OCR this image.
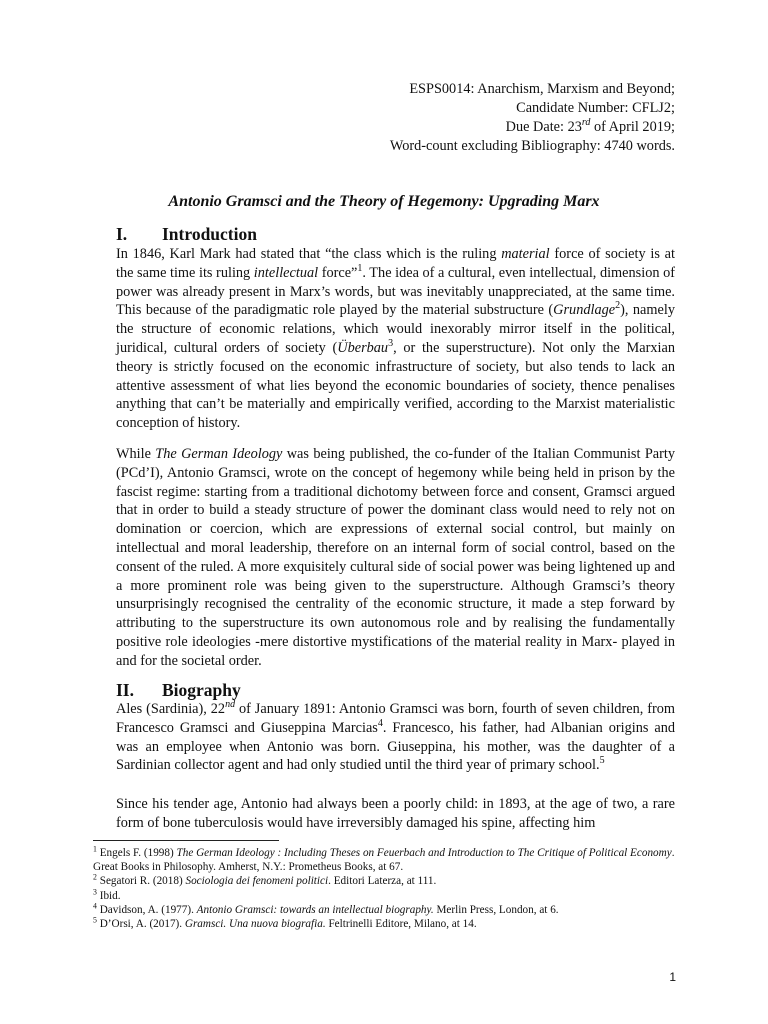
ESPS0014: Anarchism, Marxism and Beyond;
Candidate Number: CFLJ2;
Due Date: 23rd of April 2019;
Word-count excluding Bibliography: 4740 words.
Antonio Gramsci and the Theory of Hegemony: Upgrading Marx
I. Introduction

In 1846, Karl Mark had stated that “the class which is the ruling material force of society is at the same time its ruling intellectual force”$^1$. The idea of a cultural, even intellectual, dimension of power was already present in Marx’s words, but was inevitably unappreciated, at the same time. This because of the paradigmatic role played by the material substructure (Grundlage$^2$), namely the structure of economic relations, which would inexorably mirror itself in the political, juridical, cultural orders of society (Überbau$^3$, or the superstructure). Not only the Marxian theory is strictly focused on the economic infrastructure of society, but also tends to lack an attentive assessment of what lies beyond the economic boundaries of society, thence penalises anything that can’t be materially and empirically verified, according to the Marxist materialistic conception of history.

While The German Ideology was being published, the co-funder of the Italian Communist Party (PCd’I), Antonio Gramsci, wrote on the concept of hegemony while being held in prison by the fascist regime: starting from a traditional dichotomy between force and consent, Gramsci argued that in order to build a steady structure of power the dominant class would need to rely not on domination or coercion, which are expressions of external social control, but mainly on intellectual and moral leadership, therefore on an internal form of social control, based on the consent of the ruled. A more exquisitely cultural side of social power was being lightened up and a more prominent role was being given to the superstructure. Although Gramsci’s theory unsurprisingly recognised the centrality of the economic structure, it made a step forward by attributing to the superstructure its own autonomous role and by realising the fundamentally positive role ideologies -mere distortive mystifications of the material reality in Marx- played in and for the societal order.

II. Biography

Ales (Sardinia), 22nd of January 1891: Antonio Gramsci was born, fourth of seven children, from Francesco Gramsci and Giuseppina Marcias$^4$. Francesco, his father, had Albanian origins and was an employee when Antonio was born. Giuseppina, his mother, was the daughter of a Sardinian collector agent and had only studied until the third year of primary school.$^5$

Since his tender age, Antonio had always been a poorly child: in 1893, at the age of two, a rare form of bone tuberculosis would have irreversibly damaged his spine, affecting him

$^1$ Engels F. (1998) The German Ideology : Including Theses on Feuerbach and Introduction to The Critique of Political Economy. Great Books in Philosophy. Amherst, N.Y.: Prometheus Books, at 67.

$^2$ Segatori R. (2018) Sociologia dei fenomeni politici. Editori Laterza, at 111.

$^3$ Ibid.

$^4$ Davidson, A. (1977). Antonio Gramsci: towards an intellectual biography. Merlin Press, London, at 6.

$^5$ D’Orsi, A. (2017). Gramsci. Una nuova biografia. Feltrinelli Editore, Milano, at 14.

1
